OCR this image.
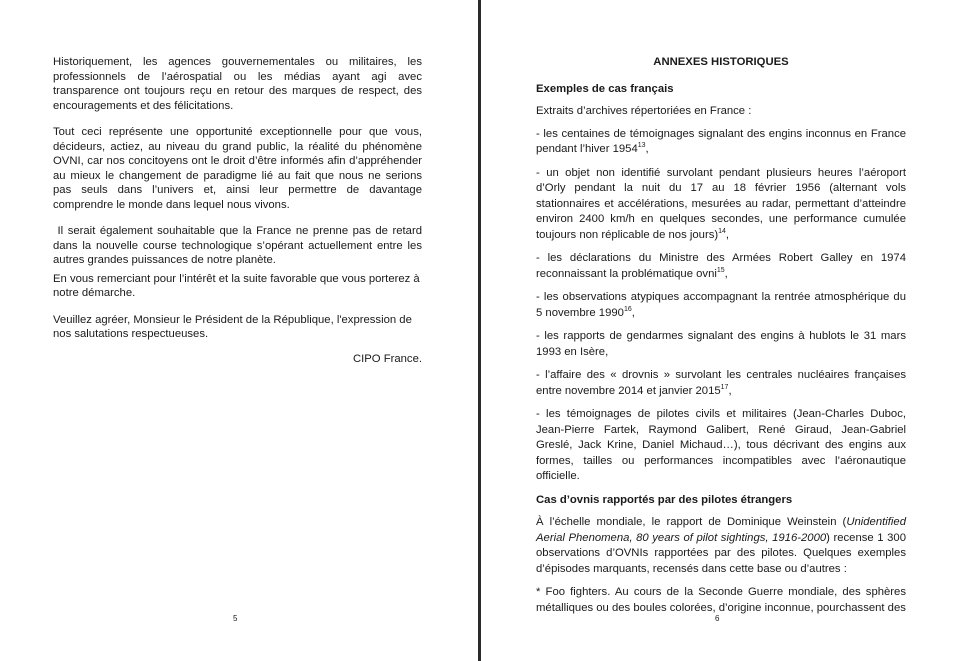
Historiquement, les agences gouvernementales ou militaires, les professionnels de l’aérospatial ou les médias ayant agi avec transparence ont toujours reçu en retour des marques de respect, des encouragements et des félicitations.

Tout ceci représente une opportunité exceptionnelle pour que vous, décideurs, actiez, au niveau du grand public, la réalité du phénomène OVNI, car nos concitoyens ont le droit d’être informés afin d’appréhender au mieux le changement de paradigme lié au fait que nous ne serions pas seuls dans l’univers et, ainsi leur permettre de davantage comprendre le monde dans lequel nous vivons.

Il serait également souhaitable que la France ne prenne pas de retard dans la nouvelle course technologique s’opérant actuellement entre les autres grandes puissances de notre planète.

En vous remerciant pour l’intérêt et la suite favorable que vous porterez à notre démarche.

Veuillez agréer, Monsieur le Président de la République, l'expression de nos salutations respectueuses.

CIPO France.

5

ANNEXES HISTORIQUES

Exemples de cas français

Extraits d’archives répertoriées en France :

- les centaines de témoignages signalant des engins inconnus en France pendant l’hiver 1954$^{13}$,

- un objet non identifié survolant pendant plusieurs heures l’aéroport d’Orly pendant la nuit du 17 au 18 février 1956 (alternant vols stationnaires et accélérations, mesurées au radar, permettant d’atteindre environ 2400 km/h en quelques secondes, une performance cumulée toujours non réplicable de nos jours)$^{14}$,

- les déclarations du Ministre des Armées Robert Galley en 1974 reconnaissant la problématique ovni$^{15}$,

- les observations atypiques accompagnant la rentrée atmosphérique du 5 novembre 1990$^{16}$,

- les rapports de gendarmes signalant des engins à hublots le 31 mars 1993 en Isère,

- l’affaire des « drovnis » survolant les centrales nucléaires françaises entre novembre 2014 et janvier 2015$^{17}$,

- les témoignages de pilotes civils et militaires (Jean-Charles Duboc, Jean-Pierre Fartek, Raymond Galibert, René Giraud, Jean-Gabriel Greslé, Jack Krine, Daniel Michaud…), tous décrivant des engins aux formes, tailles ou performances incompatibles avec l’aéronautique officielle.

Cas d’ovnis rapportés par des pilotes étrangers

À l’échelle mondiale, le rapport de Dominique Weinstein (Unidentified Aerial Phenomena, 80 years of pilot sightings, 1916-2000) recense 1 300 observations d’OVNIs rapportées par des pilotes. Quelques exemples d’épisodes marquants, recensés dans cette base ou d’autres :

* Foo fighters. Au cours de la Seconde Guerre mondiale, des sphères métalliques ou des boules colorées, d’origine inconnue, pourchassent des

6
